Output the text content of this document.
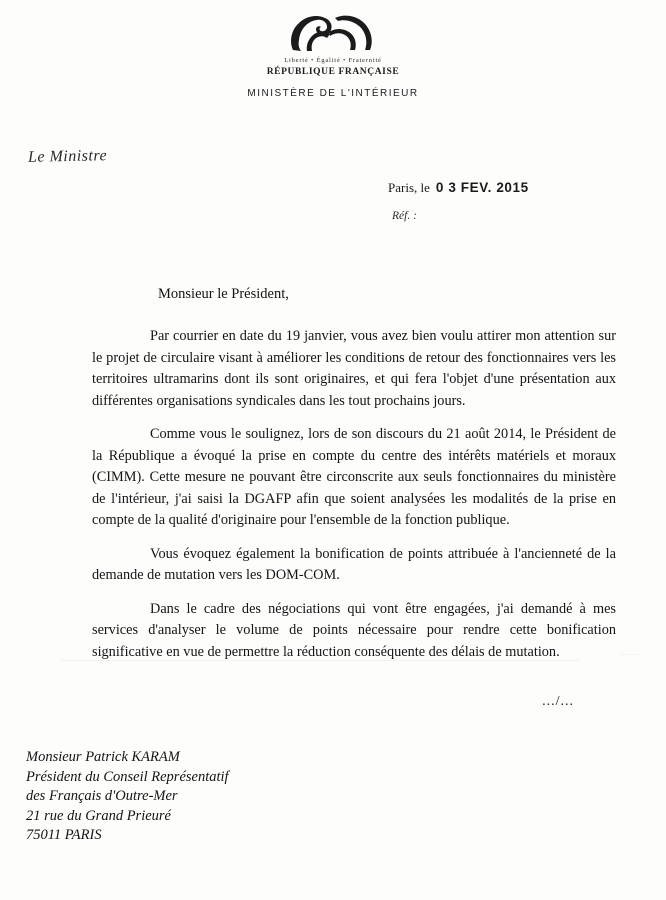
Liberté • Égalité • Fraternité
RÉPUBLIQUE FRANÇAISE
MINISTÈRE DE L'INTÉRIEUR
Le Ministre
Paris, le 0 3 FEV. 2015
Réf. :
Monsieur le Président,

Par courrier en date du 19 janvier, vous avez bien voulu attirer mon attention sur le projet de circulaire visant à améliorer les conditions de retour des fonctionnaires vers les territoires ultramarins dont ils sont originaires, et qui fera l'objet d'une présentation aux différentes organisations syndicales dans les tout prochains jours.

Comme vous le soulignez, lors de son discours du 21 août 2014, le Président de la République a évoqué la prise en compte du centre des intérêts matériels et moraux (CIMM). Cette mesure ne pouvant être circonscrite aux seuls fonctionnaires du ministère de l'intérieur, j'ai saisi la DGAFP afin que soient analysées les modalités de la prise en compte de la qualité d'originaire pour l'ensemble de la fonction publique.

Vous évoquez également la bonification de points attribuée à l'ancienneté de la demande de mutation vers les DOM-COM.

Dans le cadre des négociations qui vont être engagées, j'ai demandé à mes services d'analyser le volume de points nécessaire pour rendre cette bonification significative en vue de permettre la réduction conséquente des délais de mutation.

.../...
Monsieur Patrick KARAM
Président du Conseil Représentatif
des Français d'Outre-Mer
21 rue du Grand Prieuré
75011 PARIS
